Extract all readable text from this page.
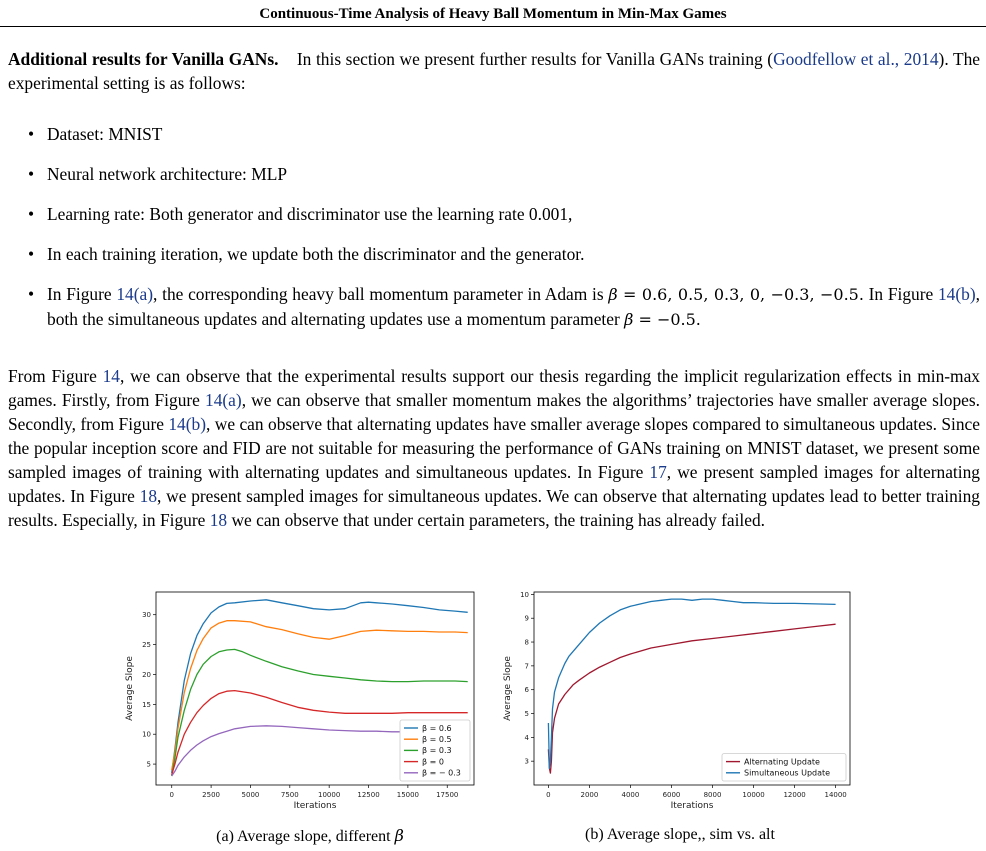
Continuous-Time Analysis of Heavy Ball Momentum in Min-Max Games

Additional results for Vanilla GANs. In this section we present further results for Vanilla GANs training (Goodfellow et al., 2014). The experimental setting is as follows:

• Dataset: MNIST
• Neural network architecture: MLP
• Learning rate: Both generator and discriminator use the learning rate 0.001,
• In each training iteration, we update both the discriminator and the generator.
• In Figure 14(a), the corresponding heavy ball momentum parameter in Adam is β = 0.6, 0.5, 0.3, 0, −0.3, −0.5. In Figure 14(b), both the simultaneous updates and alternating updates use a momentum parameter β = −0.5.

From Figure 14, we can observe that the experimental results support our thesis regarding the implicit regularization effects in min-max games. Firstly, from Figure 14(a), we can observe that smaller momentum makes the algorithms’ trajectories have smaller average slopes. Secondly, from Figure 14(b), we can observe that alternating updates have smaller average slopes compared to simultaneous updates. Since the popular inception score and FID are not suitable for measuring the performance of GANs training on MNIST dataset, we present some sampled images of training with alternating updates and simultaneous updates. In Figure 17, we present sampled images for alternating updates. In Figure 18, we present sampled images for simultaneous updates. We can observe that alternating updates lead to better training results. Especially, in Figure 18 we can observe that under certain parameters, the training has already failed.

0	2500	5000	7500	10000 12500 15000 17500
5
10
15
20
25
30
Iterations
Average Slope
β = 0.6
β = 0.5
β = 0.3
β = 0
β = − 0.3
(a) Average slope, different β
0	2000	4000	6000	8000	10000	12000	14000
3
4
5
6
7
8
9
10
Iterations
Average Slope
Alternating Update
Simultaneous Update
(b) Average slope,, sim vs. alt
